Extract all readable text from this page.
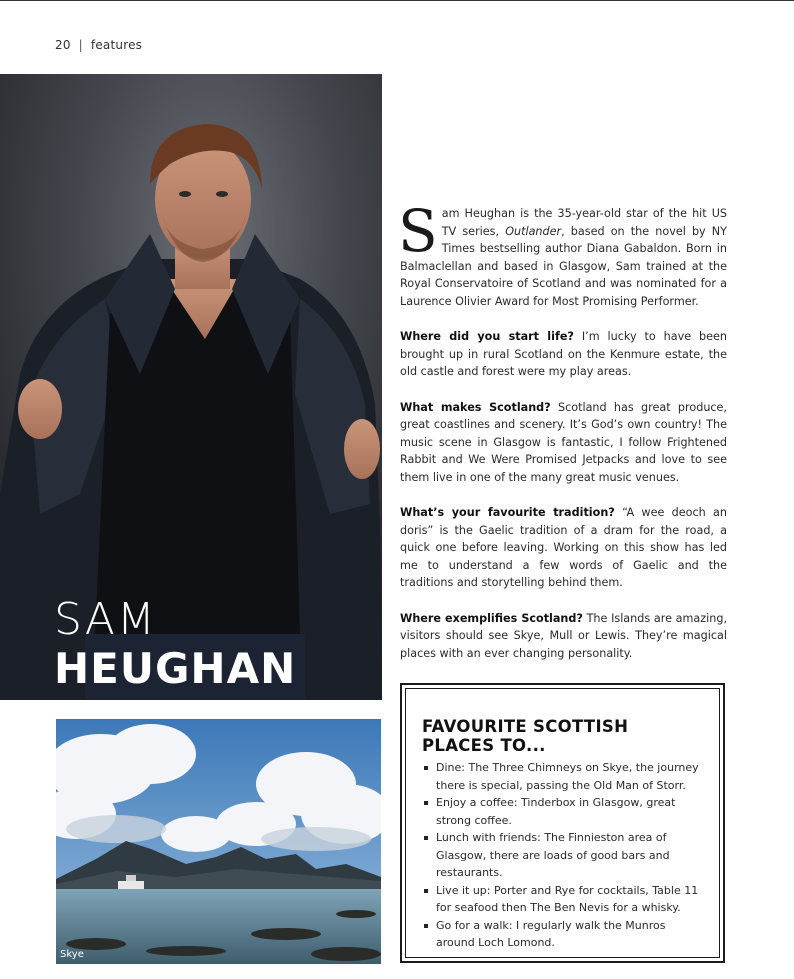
20 | features
SAM
HEUGHAN
Skye

Sam Heughan is the 35-year-old star of the hit US TV series, Outlander, based on the novel by NY Times bestselling author Diana Gabaldon. Born in Balmaclellan and based in Glasgow, Sam trained at the Royal Conservatoire of Scotland and was nominated for a Laurence Olivier Award for Most Promising Performer.

Where did you start life? I’m lucky to have been brought up in rural Scotland on the Kenmure estate, the old castle and forest were my play areas.

What makes Scotland? Scotland has great produce, great coastlines and scenery. It’s God’s own country! The music scene in Glasgow is fantastic, I follow Frightened Rabbit and We Were Promised Jetpacks and love to see them live in one of the many great music venues.

What’s your favourite tradition? “A wee deoch an doris” is the Gaelic tradition of a dram for the road, a quick one before leaving. Working on this show has led me to understand a few words of Gaelic and the traditions and storytelling behind them.

Where exemplifies Scotland? The Islands are amazing, visitors should see Skye, Mull or Lewis. They’re magical places with an ever changing personality.

FAVOURITE SCOTTISH
PLACES TO...
Dine: The Three Chimneys on Skye, the journey there is special, passing the Old Man of Storr.
Enjoy a coffee: Tinderbox in Glasgow, great strong coffee.
Lunch with friends: The Finnieston area of Glasgow, there are loads of good bars and restaurants.
Live it up: Porter and Rye for cocktails, Table 11 for seafood then The Ben Nevis for a whisky.
Go for a walk: I regularly walk the Munros around Loch Lomond.
